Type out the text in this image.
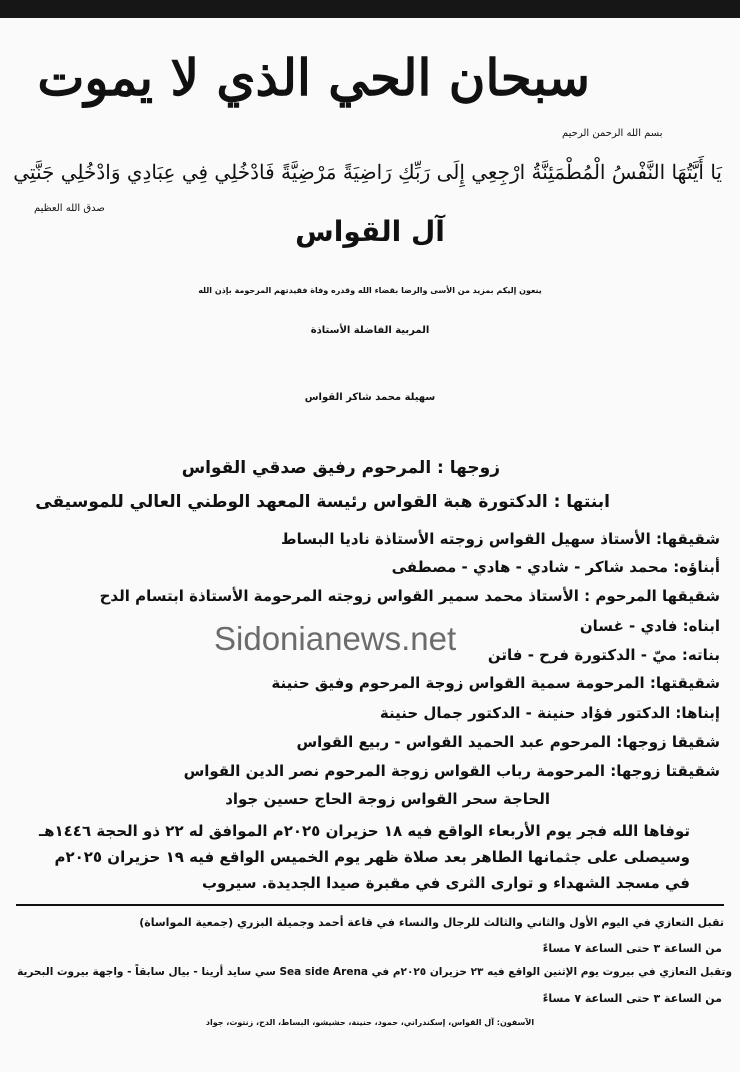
سبحان الحي الذي لا يموت
بسم الله الرحمن الرحيم
يَا أَيَّتُهَا النَّفْسُ الْمُطْمَئِنَّةُ ارْجِعِي إِلَى رَبِّكِ رَاضِيَةً مَرْضِيَّةً فَادْخُلِي فِي عِبَادِي وَادْخُلِي جَنَّتِي
صدق الله العظيم
آل القواس
ينعون إليكم بمزيد من الأسى والرضا بقضاء الله وقدره وفاة فقيدتهم المرحومة بإذن الله
المربية الفاضلة الأستاذة
سهيلة محمد شاكر القواس
زوجها : المرحوم رفيق صدقي القواس
ابنتها : الدكتورة هبة القواس رئيسة المعهد الوطني العالي للموسيقى
شقيقها: الأستاذ سهيل القواس زوجته الأستاذة ناديا البساط
أبناؤه: محمد شاكر - شادي - هادي - مصطفى
شقيقها المرحوم : الأستاذ محمد سمير القواس زوجته المرحومة الأستاذة ابتسام الدح
ابناه: فادي - غسان
بناته: ميّ - الدكتورة فرح - فاتن
شقيقتها: المرحومة سمية القواس زوجة المرحوم وفيق حنينة
إبناها: الدكتور فؤاد حنينة - الدكتور جمال حنينة
شقيقا زوجها: المرحوم عبد الحميد القواس - ربيع القواس
شقيقتا زوجها: المرحومة رباب القواس زوجة المرحوم نصر الدين القواس
الحاجة سحر القواس زوجة الحاج حسين جواد
Sidonianews.net
توفاها الله فجر يوم الأربعاء الواقع فيه ١٨ حزيران ٢٠٢٥م الموافق له ٢٢ ذو الحجة ١٤٤٦هـ
وسيصلى على جثمانها الطاهر بعد صلاة ظهر يوم الخميس الواقع فيه ١٩ حزيران ٢٠٢٥م
في مسجد الشهداء و توارى الثرى في مقبرة صيدا الجديدة. سيروب
تقبل التعازي في اليوم الأول والثاني والثالث للرجال والنساء في قاعة أحمد وجميلة البزري (جمعية المواساة)
من الساعة ٣ حتى الساعة ٧ مساءً
وتقبل التعازي في بيروت يوم الإثنين الواقع فيه ٢٣ حزيران ٢٠٢٥م في Sea side Arena سي سايد أرينا - بيال سابقاً - واجهة بيروت البحرية
من الساعة ٣ حتى الساعة ٧ مساءً
الآسفون: آل القواس، إسكندراني، حمود، حنينة، حشيشو، البساط، الدح، زنتوت، جواد
